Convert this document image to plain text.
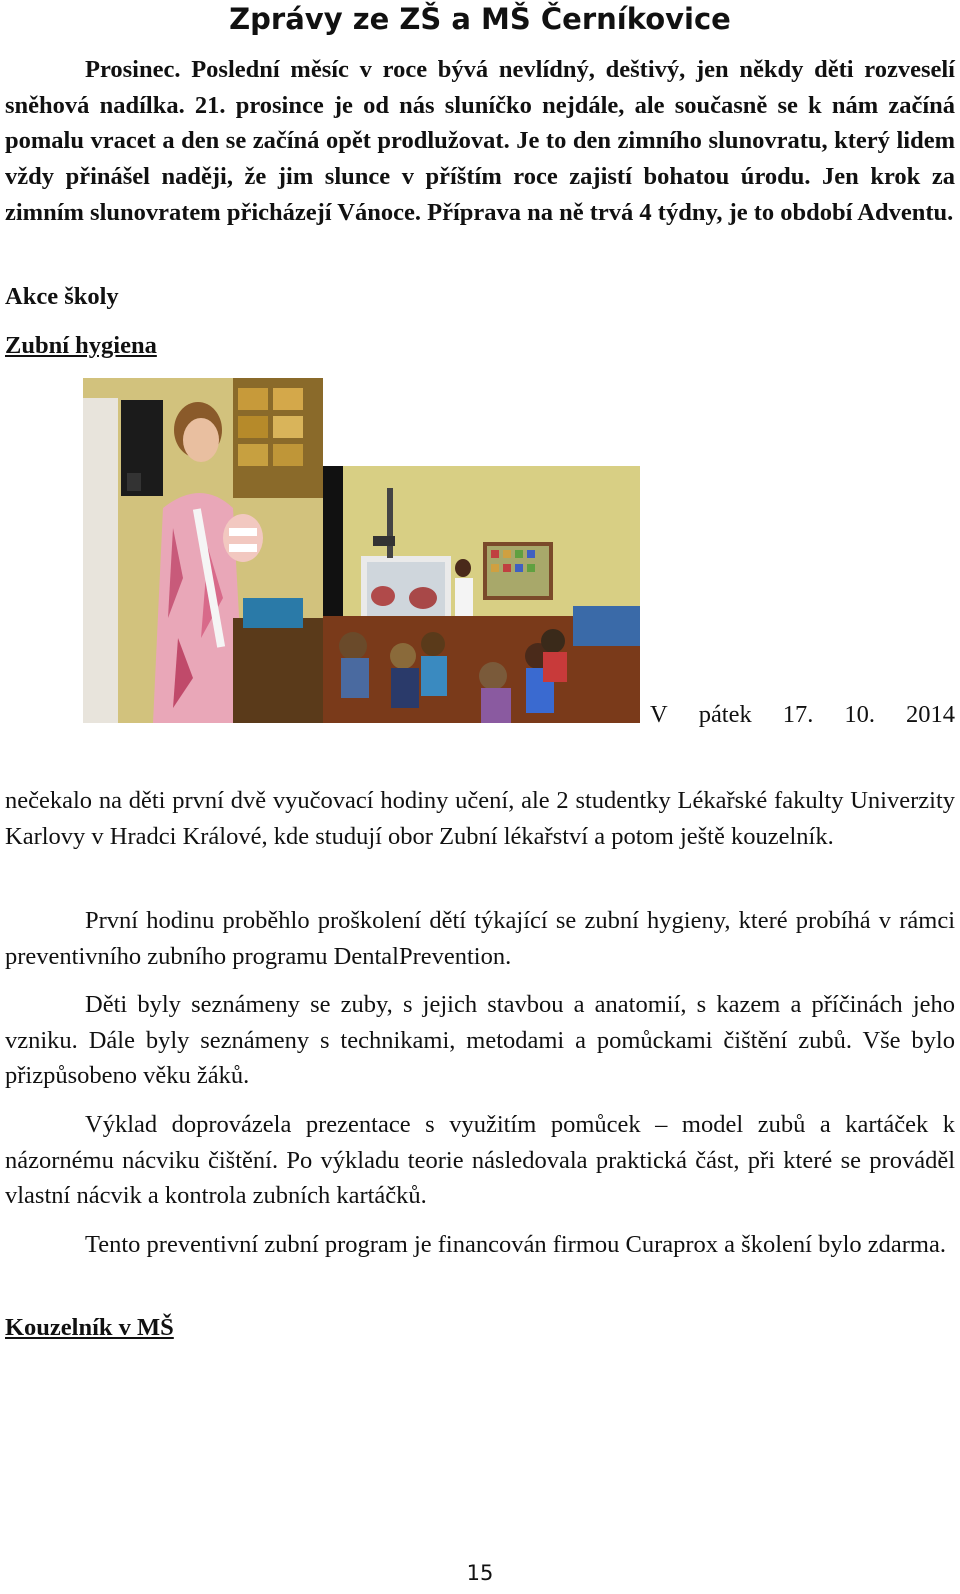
Zprávy ze ZŠ a MŠ Černíkovice

Prosinec. Poslední měsíc v roce bývá nevlídný, deštivý, jen někdy děti rozveselí sněhová nadílka. 21. prosince je od nás sluníčko nejdále, ale současně se k nám začíná pomalu vracet a den se začíná opět prodlužovat. Je to den zimního slunovratu, který lidem vždy přinášel naději, že jim slunce v příštím roce zajistí bohatou úrodu. Jen krok za zimním slunovratem přicházejí Vánoce. Příprava na ně trvá 4 týdny, je to období Adventu.

Akce školy
Zubní hygiena
V pátek 17. 10. 2014

nečekalo na děti první dvě vyučovací hodiny učení, ale 2 studentky Lékařské fakulty Univerzity Karlovy v Hradci Králové, kde studují obor Zubní lékařství a potom ještě kouzelník.

První hodinu proběhlo proškolení dětí týkající se zubní hygieny, které probíhá v rámci preventivního zubního programu DentalPrevention.

Děti byly seznámeny se zuby, s jejich stavbou a anatomií, s kazem a příčinách jeho vzniku. Dále byly seznámeny s technikami, metodami a pomůckami čištění zubů. Vše bylo přizpůsobeno věku žáků.

Výklad doprovázela prezentace s využitím pomůcek – model zubů a kartáček k názornému nácviku čištění. Po výkladu teorie následovala praktická část, při které se prováděl vlastní nácvik a kontrola zubních kartáčků.

Tento preventivní zubní program je financován firmou Curaprox a školení bylo zdarma.

Kouzelník v MŠ
15
